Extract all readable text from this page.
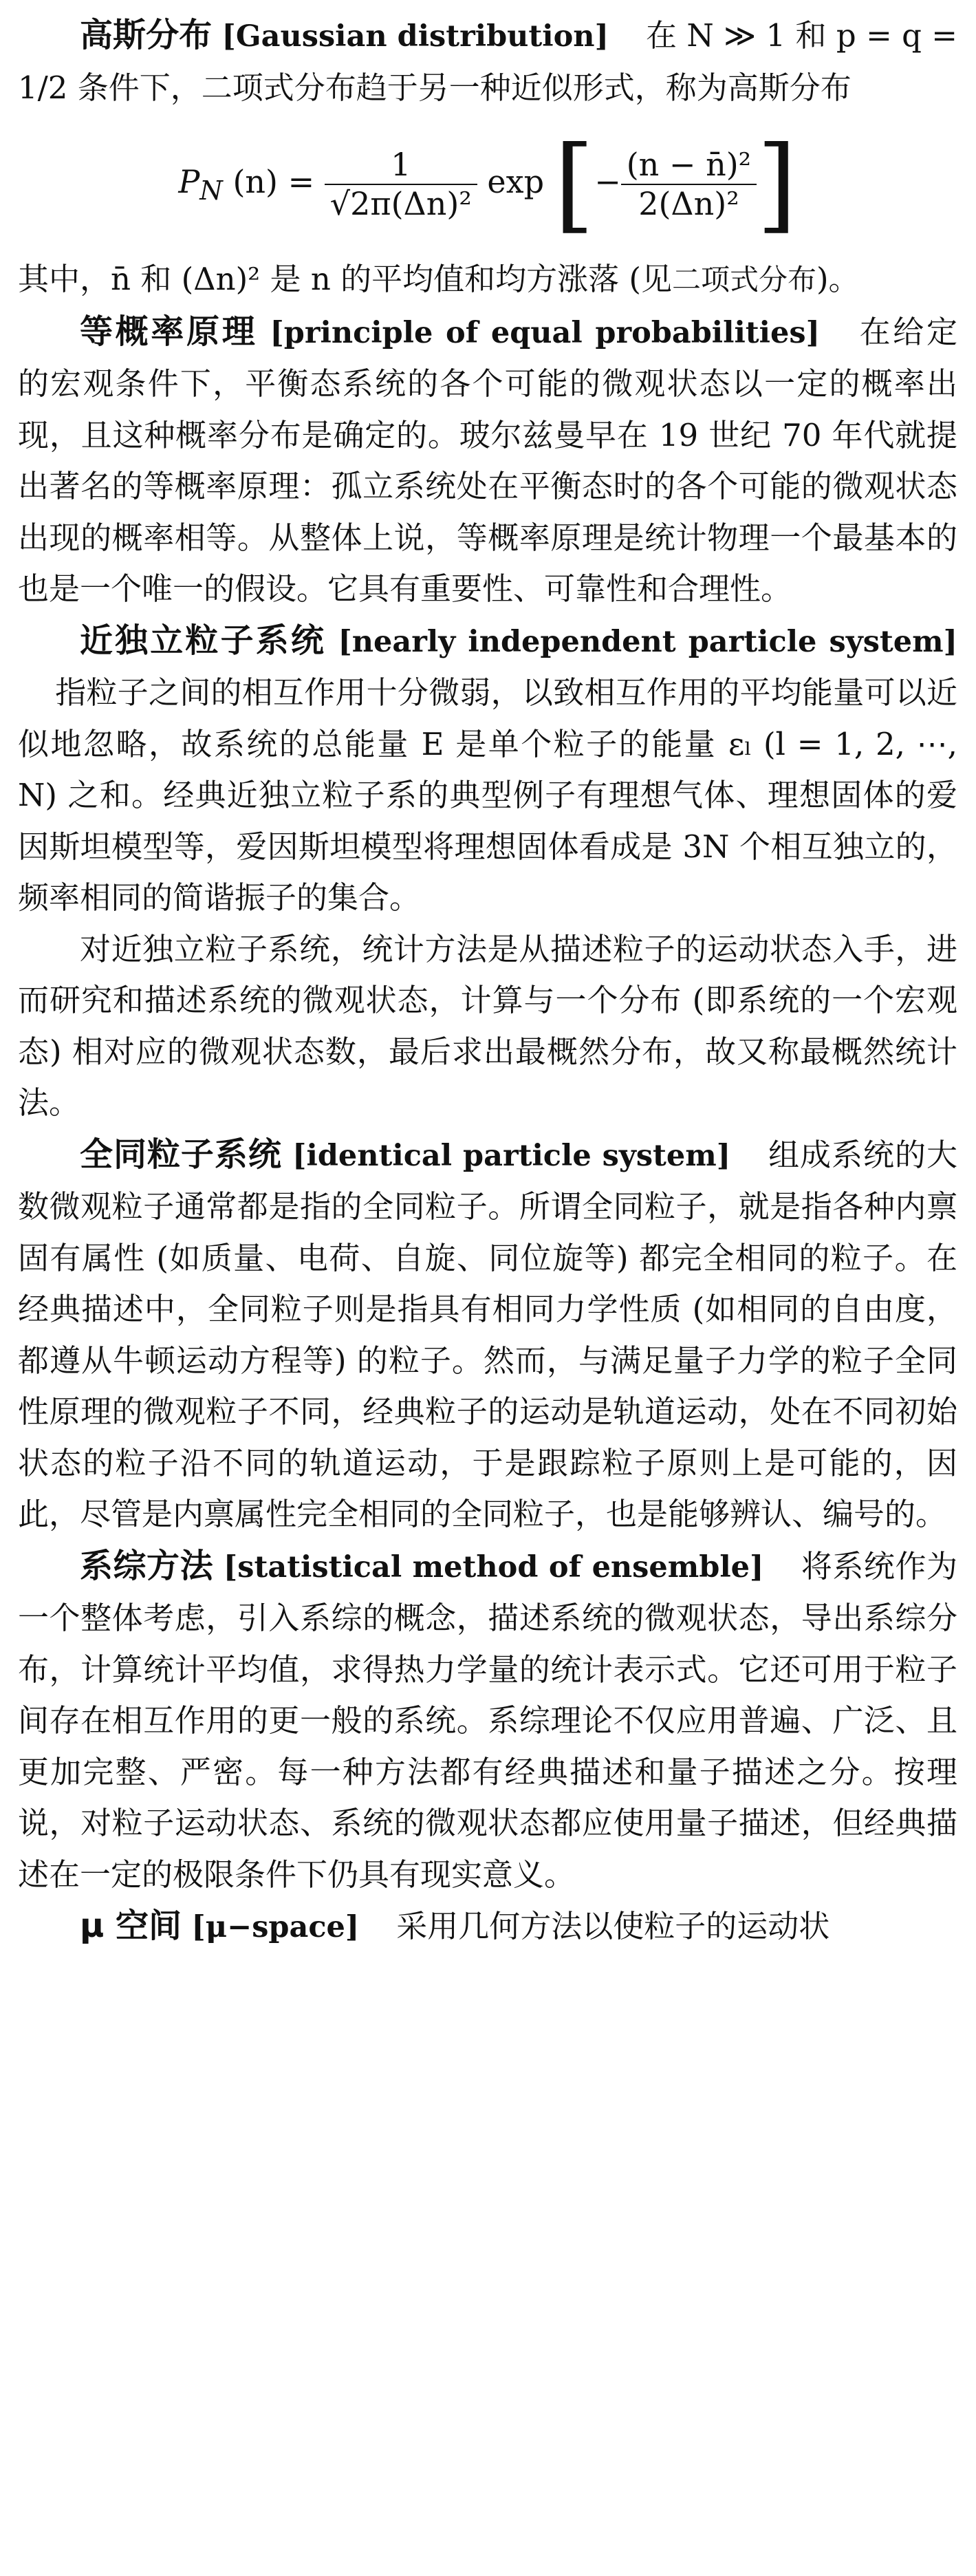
高斯分布 [Gaussian distribution] 在 N ≫ 1 和 p = q = 1/2 条件下，二项式分布趋于另一种近似形式，称为高斯分布

$P_N$ $(n) = \frac{1}{\text{√2π(Δn)²}}$ exp [− $\frac{\text{(n − n̄)²}}{\text{2(Δn)²}}$ ]

其中，n̄ 和 (Δn)² 是 n 的平均值和均方涨落 (见二项式分布)。

等概率原理 [principle of equal probabilities] 在给定的宏观条件下，平衡态系统的各个可能的微观状态以一定的概率出现，且这种概率分布是确定的。玻尔兹曼早在 19 世纪 70 年代就提出著名的等概率原理：孤立系统处在平衡态时的各个可能的微观状态出现的概率相等。从整体上说，等概率原理是统计物理一个最基本的也是一个唯一的假设。它具有重要性、可靠性和合理性。

近独立粒子系统 [nearly independent particle system]指粒子之间的相互作用十分微弱，以致相互作用的平均能量可以近似地忽略，故系统的总能量 E 是单个粒子的能量 εₗ (l = 1, 2, ⋯, N) 之和。经典近独立粒子系的典型例子有理想气体、理想固体的爱因斯坦模型等，爱因斯坦模型将理想固体看成是 3N 个相互独立的，频率相同的简谐振子的集合。

对近独立粒子系统，统计方法是从描述粒子的运动状态入手，进而研究和描述系统的微观状态，计算与一个分布 (即系统的一个宏观态) 相对应的微观状态数，最后求出最概然分布，故又称最概然统计法。

全同粒子系统 [identical particle system] 组成系统的大数微观粒子通常都是指的全同粒子。所谓全同粒子，就是指各种内禀固有属性 (如质量、电荷、自旋、同位旋等) 都完全相同的粒子。在经典描述中，全同粒子则是指具有相同力学性质 (如相同的自由度，都遵从牛顿运动方程等) 的粒子。然而，与满足量子力学的粒子全同性原理的微观粒子不同，经典粒子的运动是轨道运动，处在不同初始状态的粒子沿不同的轨道运动，于是跟踪粒子原则上是可能的，因此，尽管是内禀属性完全相同的全同粒子，也是能够辨认、编号的。

系综方法 [statistical method of ensemble] 将系统作为一个整体考虑，引入系综的概念，描述系统的微观状态，导出系综分布，计算统计平均值，求得热力学量的统计表示式。它还可用于粒子间存在相互作用的更一般的系统。系综理论不仅应用普遍、广泛、且更加完整、严密。每一种方法都有经典描述和量子描述之分。按理说，对粒子运动状态、系统的微观状态都应使用量子描述，但经典描述在一定的极限条件下仍具有现实意义。

μ 空间 [μ−space] 采用几何方法以使粒子的运动状
